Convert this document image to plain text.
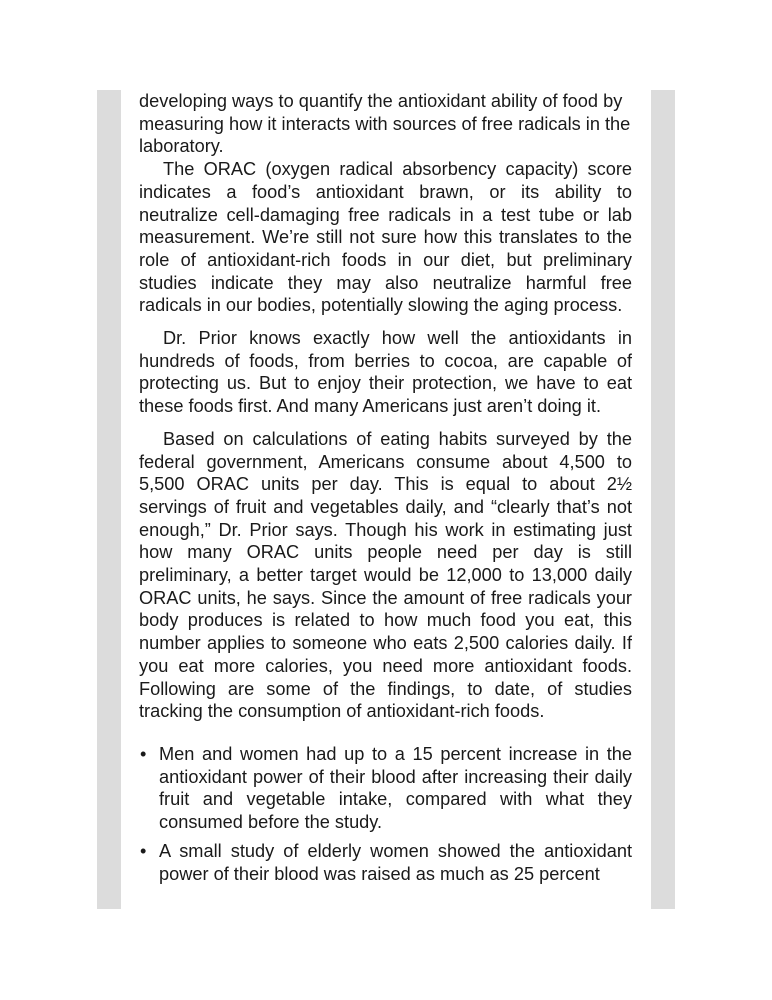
developing ways to quantify the antioxidant ability of food by measuring how it interacts with sources of free radicals in the laboratory.

The ORAC (oxygen radical absorbency capacity) score indicates a food’s antioxidant brawn, or its ability to neutralize cell-damaging free radicals in a test tube or lab measurement. We’re still not sure how this translates to the role of antioxidant-rich foods in our diet, but preliminary studies indicate they may also neutralize harmful free radicals in our bodies, potentially slowing the aging process.

Dr. Prior knows exactly how well the antioxidants in hundreds of foods, from berries to cocoa, are capable of protecting us. But to enjoy their protection, we have to eat these foods first. And many Americans just aren’t doing it.

Based on calculations of eating habits surveyed by the federal government, Americans consume about 4,500 to 5,500 ORAC units per day. This is equal to about 2½ servings of fruit and vegetables daily, and “clearly that’s not enough,” Dr. Prior says. Though his work in estimating just how many ORAC units people need per day is still preliminary, a better target would be 12,000 to 13,000 daily ORAC units, he says. Since the amount of free radicals your body produces is related to how much food you eat, this number applies to someone who eats 2,500 calories daily. If you eat more calories, you need more antioxidant foods. Following are some of the findings, to date, of studies tracking the consumption of antioxidant-rich foods.

• Men and women had up to a 15 percent increase in the antioxidant power of their blood after increasing their daily fruit and vegetable intake, compared with what they consumed before the study.
• A small study of elderly women showed the antioxidant power of their blood was raised as much as 25 percent
